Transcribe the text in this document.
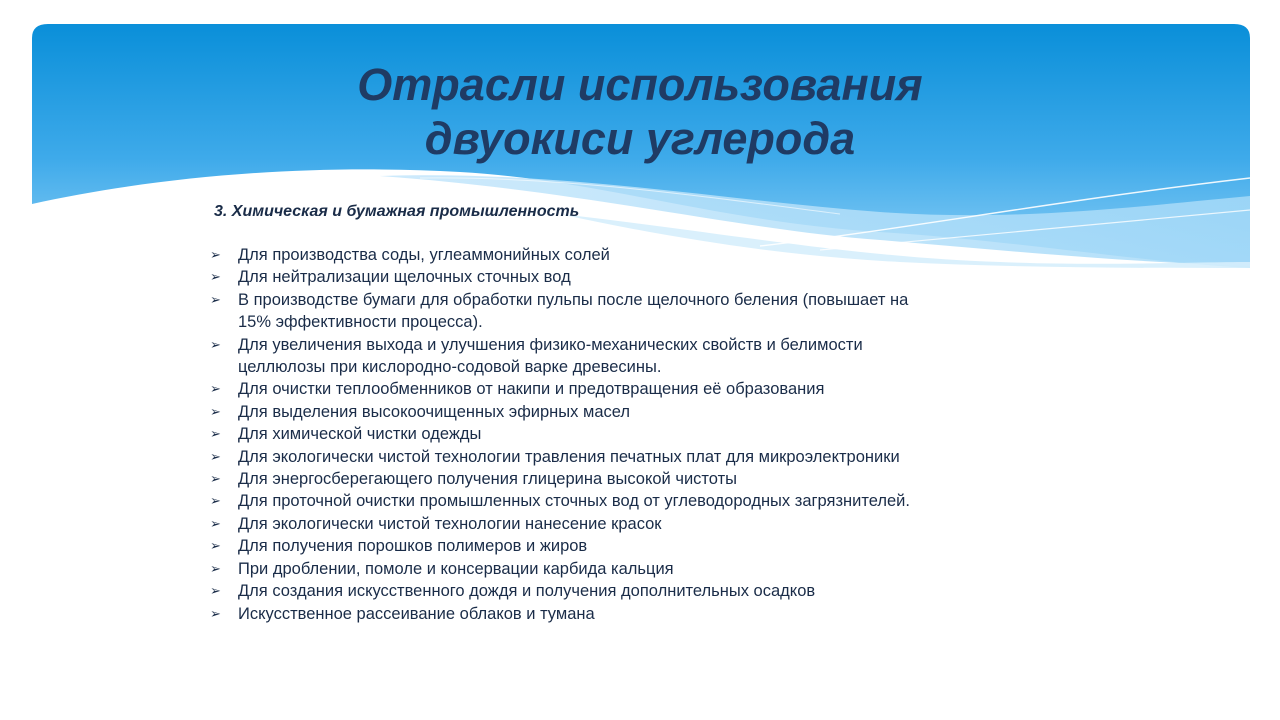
Отрасли использования
двуокиси углерода

3. Химическая и бумажная промышленность

➢ Для производства соды, углеаммонийных солей
➢ Для нейтрализации щелочных сточных вод
➢ В производстве бумаги для обработки пульпы после щелочного беления (повышает на 15% эффективности процесса).
➢ Для увеличения выхода и улучшения физико-механических свойств и белимости целлюлозы при кислородно-содовой варке древесины.
➢ Для очистки теплообменников от накипи и предотвращения её образования
➢ Для выделения высокоочищенных эфирных масел
➢ Для химической чистки одежды
➢ Для экологически чистой технологии травления печатных плат для микроэлектроники
➢ Для энергосберегающего получения глицерина высокой чистоты
➢ Для проточной очистки промышленных сточных вод от углеводородных загрязнителей.
➢ Для экологически чистой технологии нанесение красок
➢ Для получения порошков полимеров и жиров
➢ При дроблении, помоле и консервации карбида кальция
➢ Для создания искусственного дождя и получения дополнительных осадков
➢ Искусственное рассеивание облаков и тумана
